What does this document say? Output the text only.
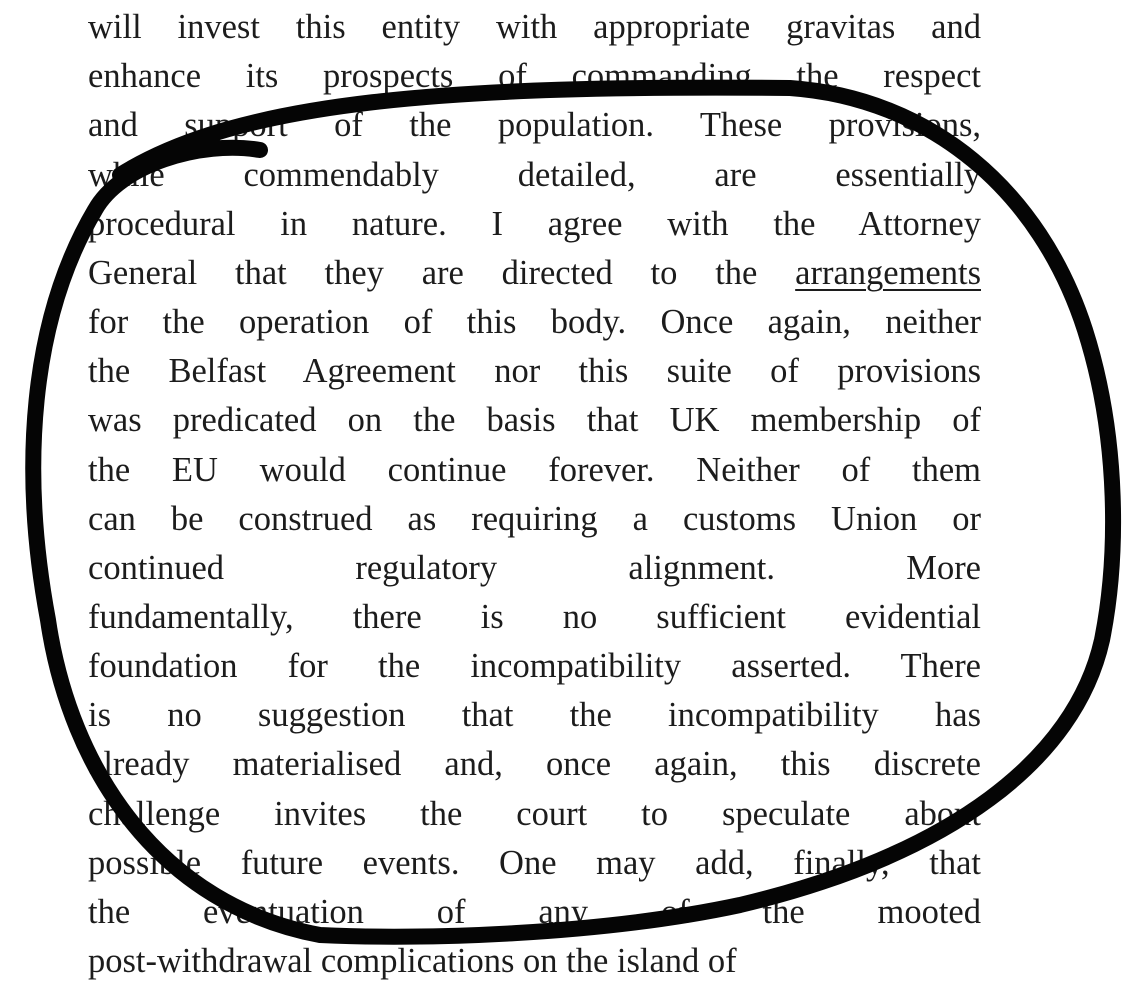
will invest this entity with appropriate gravitas and
enhance its prospects of commanding the respect
and support of the population. These provisions,
while commendably detailed, are essentially
procedural in nature. I agree with the Attorney
General that they are directed to the arrangements
for the operation of this body. Once again, neither
the Belfast Agreement nor this suite of provisions
was predicated on the basis that UK membership of
the EU would continue forever. Neither of them
can be construed as requiring a customs Union or
continued regulatory alignment. More
fundamentally, there is no sufficient evidential
foundation for the incompatibility asserted. There
is no suggestion that the incompatibility has
already materialised and, once again, this discrete
challenge invites the court to speculate about
possible future events. One may add, finally, that
the eventuation of any of the mooted
post-withdrawal complications on the island of
